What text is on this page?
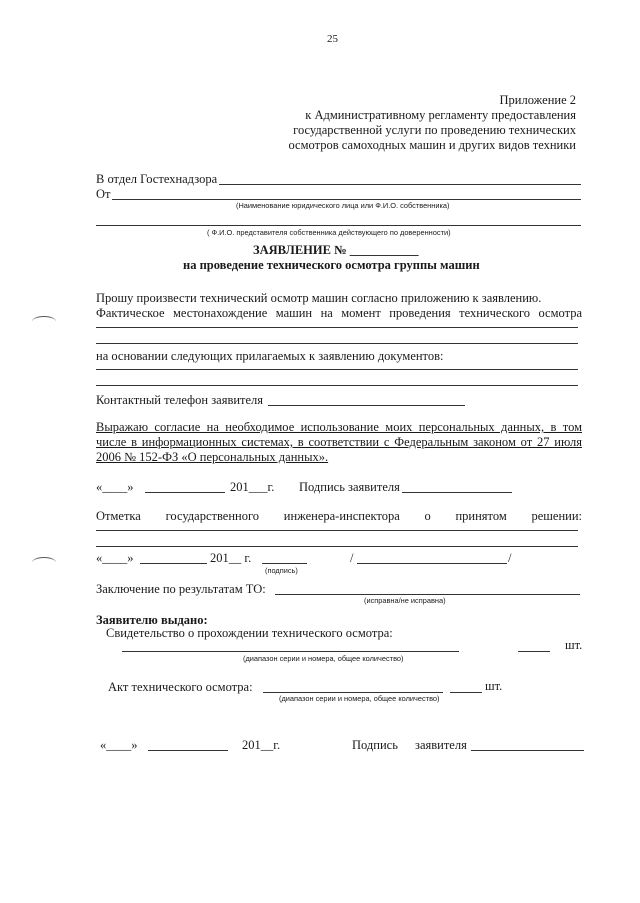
25
Приложение 2
к Административному регламенту предоставления
государственной услуги по проведению технических
осмотров самоходных машин и других видов техники
В отдел Гостехнадзора
От
(Наименование юридического лица или Ф.И.О. собственника)
( Ф.И.О. представителя собственника действующего по доверенности)
ЗАЯВЛЕНИЕ № ___________
на проведение технического осмотра группы машин
Прошу произвести технический осмотр машин согласно приложению к заявлению.
Фактическое местонахождение машин на момент проведения технического осмотра
на основании следующих прилагаемых к заявлению документов:
Контактный телефон заявителя
Выражаю согласие на необходимое использование моих персональных данных, в том
числе в информационных системах, в соответствии с Федеральным законом от 27 июля
2006 № 152-ФЗ «О персональных данных».
«____»	201___г. Подпись заявителя
Отметка государственного инженера-инспектора о принятом решении:
«____»	201__ г.
(подпись)
/	/
Заключение по результатам ТО:
(исправна/не исправна)
Заявителю выдано:
Свидетельство о прохождении технического осмотра:
шт.
(диапазон серии и номера, общее количество)
Акт технического осмотра:	шт.
(диапазон серии и номера, общее количество)
«____»	201__г.	Подпись заявителя
